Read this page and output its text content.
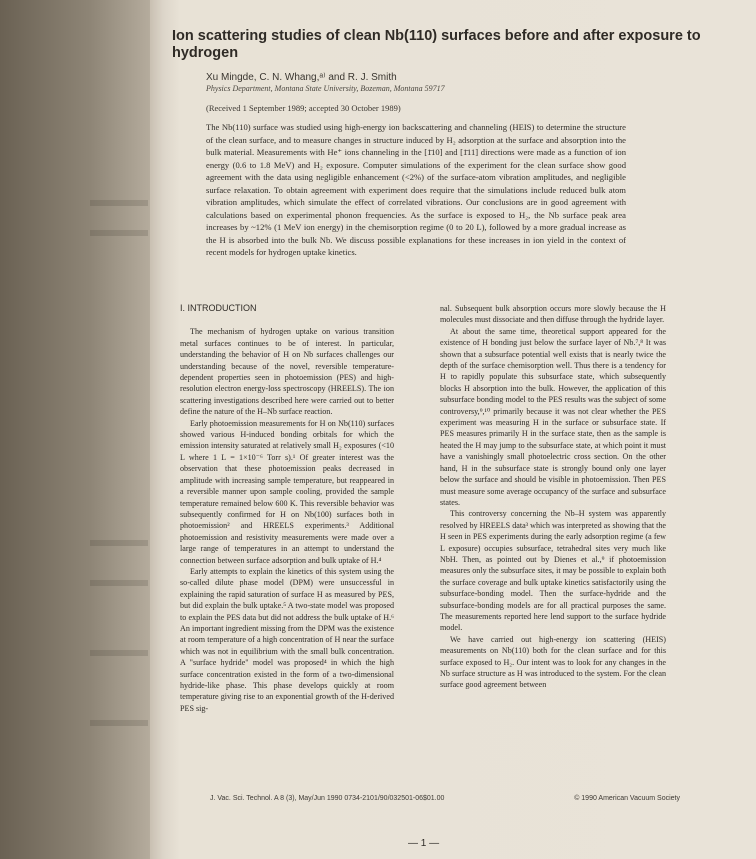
Ion scattering studies of clean Nb(110) surfaces before and after exposure to hydrogen
Xu Mingde, C. N. Whang,ᵃ⁾ and R. J. Smith
Physics Department, Montana State University, Bozeman, Montana 59717
(Received 1 September 1989; accepted 30 October 1989)

The Nb(110) surface was studied using high-energy ion backscattering and channeling (HEIS) to determine the structure of the clean surface, and to measure changes in structure induced by H₂ adsorption at the surface and absorption into the bulk material. Measurements with He⁺ ions channeling in the [1̄10] and [1̄11] directions were made as a function of ion energy (0.6 to 1.8 MeV) and H₂ exposure. Computer simulations of the experiment for the clean surface show good agreement with the data using negligible enhancement (<2%) of the surface-atom vibration amplitudes, and negligible surface relaxation. To obtain agreement with experiment does require that the simulations include reduced bulk atom vibration amplitudes, which simulate the effect of correlated vibrations. Our conclusions are in good agreement with calculations based on experimental phonon frequencies. As the surface is exposed to H₂, the Nb surface peak area increases by ~12% (1 MeV ion energy) in the chemisorption regime (0 to 20 L), followed by a more gradual increase as the H is absorbed into the bulk Nb. We discuss possible explanations for these increases in ion yield in the context of recent models for hydrogen uptake kinetics.

I. INTRODUCTION

The mechanism of hydrogen uptake on various transition metal surfaces continues to be of interest. In particular, understanding the behavior of H on Nb surfaces challenges our understanding because of the novel, reversible temperature-dependent properties seen in photoemission (PES) and high-resolution electron energy-loss spectroscopy (HREELS). The ion scattering investigations described here were carried out to better define the nature of the H–Nb surface reaction.

Early photoemission measurements for H on Nb(110) surfaces showed various H-induced bonding orbitals for which the emission intensity saturated at relatively small H₂ exposures (<10 L where 1 L = 1×10⁻⁶ Torr s).¹ Of greater interest was the observation that these photoemission peaks decreased in amplitude with increasing sample temperature, but reappeared in a reversible manner upon sample cooling, provided the sample temperature remained below 600 K. This reversible behavior was subsequently confirmed for H on Nb(100) surfaces both in photoemission² and HREELS experiments.³ Additional photoemission and resistivity measurements were made over a large range of temperatures in an attempt to understand the connection between surface adsorption and bulk uptake of H.⁴

Early attempts to explain the kinetics of this system using the so-called dilute phase model (DPM) were unsuccessful in explaining the rapid saturation of surface H as measured by PES, but did explain the bulk uptake.⁵ A two-state model was proposed to explain the PES data but did not address the bulk uptake of H.⁶ An important ingredient missing from the DPM was the existence at room temperature of a high concentration of H near the surface which was not in equilibrium with the small bulk concentration. A "surface hydride" model was proposed⁴ in which the high surface concentration existed in the form of a two-dimensional hydride-like phase. This phase develops quickly at room temperature giving rise to an exponential growth of the H-derived PES sig-

nal. Subsequent bulk absorption occurs more slowly because the H molecules must dissociate and then diffuse through the hydride layer.

At about the same time, theoretical support appeared for the existence of H bonding just below the surface layer of Nb.⁷,⁸ It was shown that a subsurface potential well exists that is nearly twice the depth of the surface chemisorption well. Thus there is a tendency for H to rapidly populate this subsurface state, which subsequently blocks H absorption into the bulk. However, the application of this subsurface bonding model to the PES results was the subject of some controversy,⁹,¹⁰ primarily because it was not clear whether the PES experiment was measuring H in the surface or subsurface state. If PES measures primarily H in the surface state, then as the sample is heated the H may jump to the subsurface state, at which point it must have a vanishingly small photoelectric cross section. On the other hand, H in the subsurface state is strongly bound only one layer below the surface and should be visible in photoemission. Then PES must measure some average occupancy of the surface and subsurface states.

This controversy concerning the Nb–H system was apparently resolved by HREELS data³ which was interpreted as showing that the H seen in PES experiments during the early adsorption regime (a few L exposure) occupies subsurface, tetrahedral sites very much like NbH. Then, as pointed out by Dienes et al.,⁹ if photoemission measures only the subsurface sites, it may be possible to explain both the surface coverage and bulk uptake kinetics satisfactorily using the subsurface-bonding model. Then the surface-hydride and the subsurface-bonding models are for all practical purposes the same. The measurements reported here lend support to the surface hydride model.

We have carried out high-energy ion scattering (HEIS) measurements on Nb(110) both for the clean surface and for this surface exposed to H₂. Our intent was to look for any changes in the Nb surface structure as H was introduced to the system. For the clean surface good agreement between

J. Vac. Sci. Technol. A 8 (3), May/Jun 1990 0734-2101/90/032501-06$01.00	© 1990 American Vacuum Society
— 1 —
